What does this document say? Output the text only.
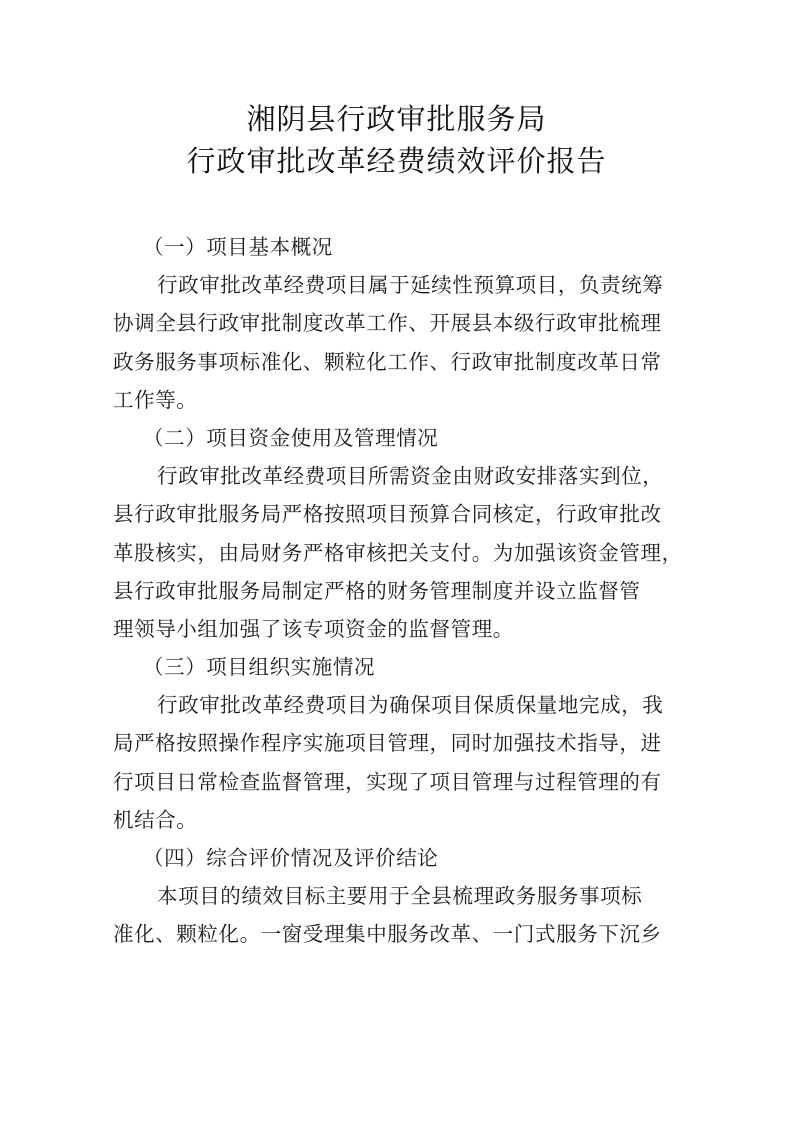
湘阴县行政审批服务局
行政审批改革经费绩效评价报告
（一）项目基本概况
行政审批改革经费项目属于延续性预算项目，负责统筹
协调全县行政审批制度改革工作、开展县本级行政审批梳理
政务服务事项标准化、颗粒化工作、行政审批制度改革日常
工作等。
（二）项目资金使用及管理情况
行政审批改革经费项目所需资金由财政安排落实到位，
县行政审批服务局严格按照项目预算合同核定，行政审批改
革股核实，由局财务严格审核把关支付。为加强该资金管理，
县行政审批服务局制定严格的财务管理制度并设立监督管
理领导小组加强了该专项资金的监督管理。
（三）项目组织实施情况
行政审批改革经费项目为确保项目保质保量地完成，我
局严格按照操作程序实施项目管理，同时加强技术指导，进
行项目日常检查监督管理，实现了项目管理与过程管理的有
机结合。
（四）综合评价情况及评价结论
本项目的绩效目标主要用于全县梳理政务服务事项标
准化、颗粒化。一窗受理集中服务改革、一门式服务下沉乡
